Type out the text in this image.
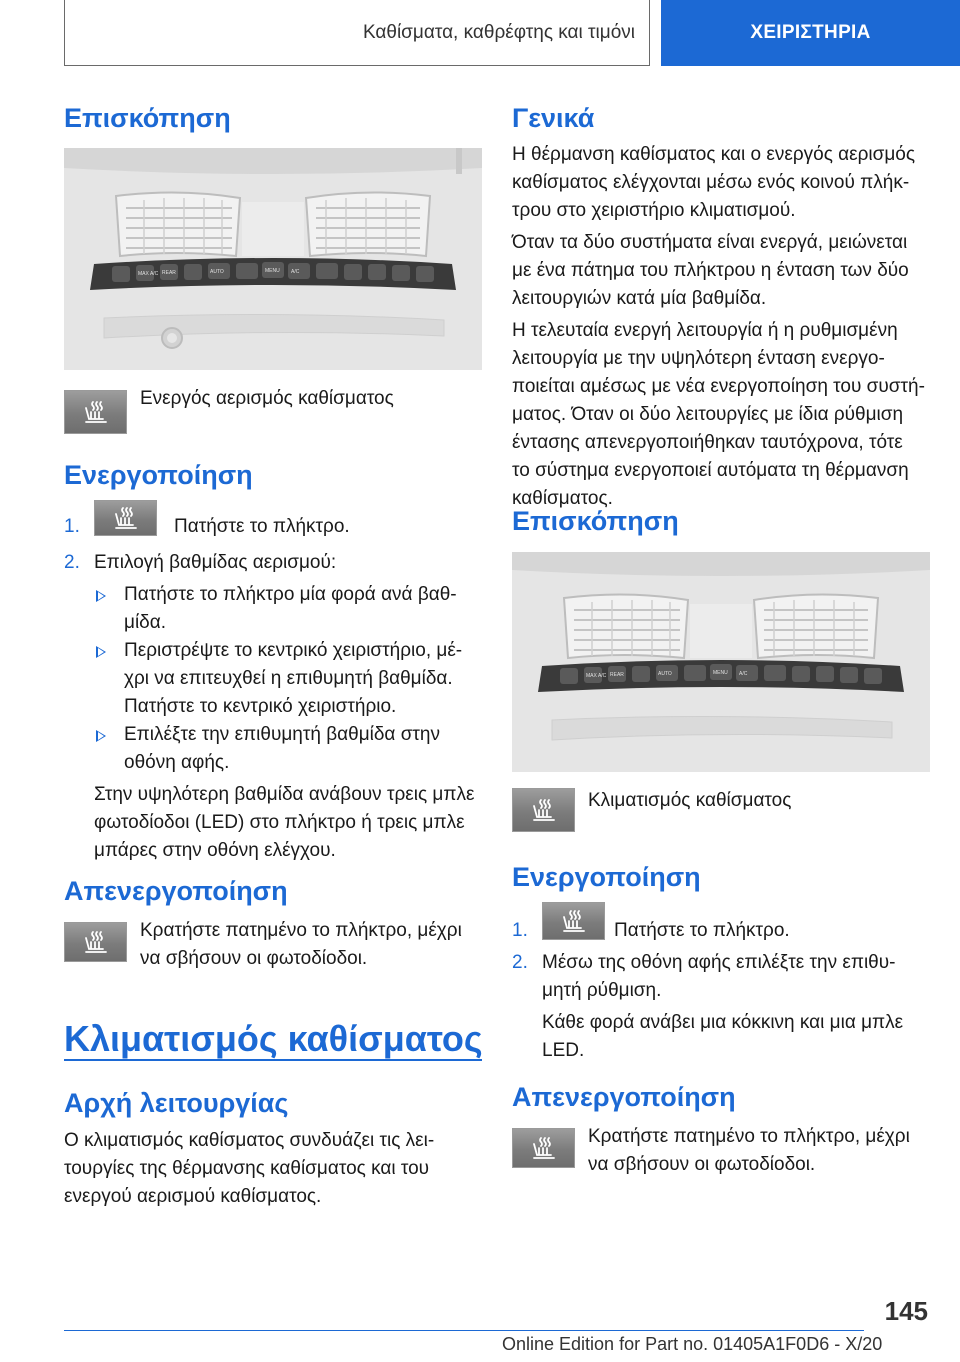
Καθίσματα, καθρέφτης και τιμόνι	ΧΕΙΡΙΣΤΗΡΙΑ
Επισκόπηση
MAX A/C REAR	AUTO	MENU A/C

Ενεργός αερισμός καθίσματος

Ενεργοποίηση
1.	Πατήστε το πλήκτρο.

2. Επιλογή βαθμίδας αερισμού:

Πατήστε το πλήκτρο μία φορά ανά βαθ-

μίδα.

Περιστρέψτε το κεντρικό χειριστήριο, μέ-

χρι να επιτευχθεί η επιθυμητή βαθμίδα.

Πατήστε το κεντρικό χειριστήριο.

Επιλέξτε την επιθυμητή βαθμίδα στην

οθόνη αφής.

Στην υψηλότερη βαθμίδα ανάβουν τρεις μπλε

φωτοδίοδοι (LED) στο πλήκτρο ή τρεις μπλε

μπάρες στην οθόνη ελέγχου.

Απενεργοποίηση

Κρατήστε πατημένο το πλήκτρο, μέχρι

να σβήσουν οι φωτοδίοδοι.

Κλιματισμός καθίσματος
Αρχή λειτουργίας

Ο κλιματισμός καθίσματος συνδυάζει τις λει-

τουργίες της θέρμανσης καθίσματος και του

ενεργού αερισμού καθίσματος.

Γενικά

Η θέρμανση καθίσματος και ο ενεργός αερισμός

καθίσματος ελέγχονται μέσω ενός κοινού πλήκ-

τρου στο χειριστήριο κλιματισμού.

Όταν τα δύο συστήματα είναι ενεργά, μειώνεται

με ένα πάτημα του πλήκτρου η ένταση των δύο

λειτουργιών κατά μία βαθμίδα.

Η τελευταία ενεργή λειτουργία ή η ρυθμισμένη

λειτουργία με την υψηλότερη ένταση ενεργο-

ποιείται αμέσως με νέα ενεργοποίηση του συστή-

ματος. Όταν οι δύο λειτουργίες με ίδια ρύθμιση

έντασης απενεργοποιήθηκαν ταυτόχρονα, τότε

το σύστημα ενεργοποιεί αυτόματα τη θέρμανση

καθίσματος.

Επισκόπηση
MAX A/C REAR	AUTO	MENU A/C

Κλιματισμός καθίσματος

Ενεργοποίηση
1.	Πατήστε το πλήκτρο.

2. Μέσω της οθόνη αφής επιλέξτε την επιθυ-

μητή ρύθμιση.

Κάθε φορά ανάβει μια κόκκινη και μια μπλε

LED.

Απενεργοποίηση

Κρατήστε πατημένο το πλήκτρο, μέχρι

να σβήσουν οι φωτοδίοδοι.

145
Online Edition for Part no. 01405A1F0D6 - X/20
